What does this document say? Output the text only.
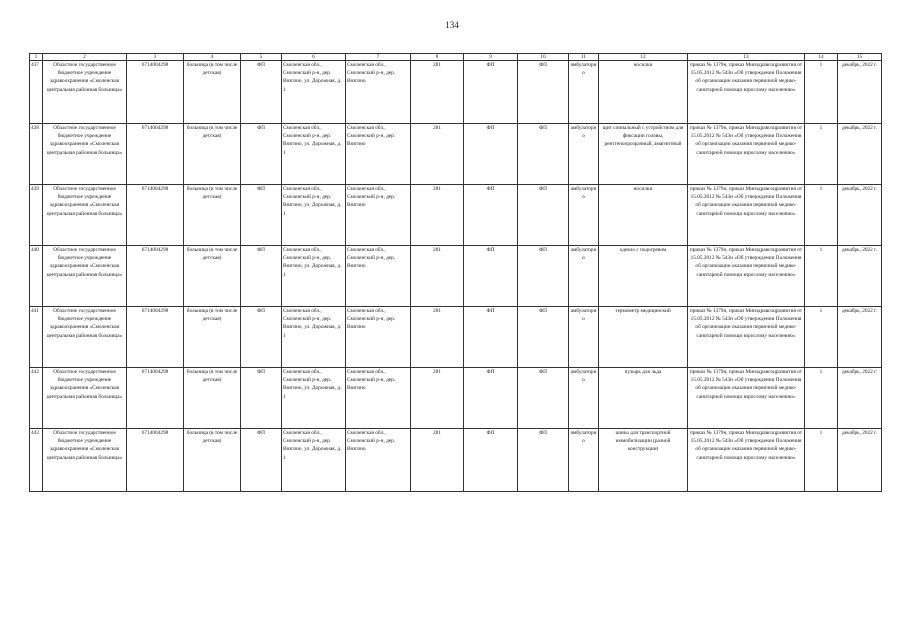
134
1	2	3	4	5	6	7	8	9	10	11	12	13	14	15
437	Областное государственное бюджетное учреждение здравоохранения «Смоленская центральная районная больница»	6714004298	больница (в том числе детская)	ФП	Смоленская обл., Смоленский р-н, дер. Вязгино, ул. Дорожная, д. 1	Смоленская обл., Смоленский р-н, дер. Вязгино	281	ФП	ФП	амбулаторно	носилки	приказ № 1379н, приказ Минздравсоцразвития от 15.05.2012 № 543н «Об утверждении Положения об организации оказания первичной медико-санитарной помощи взрослому населению»	1	декабрь, 2022 г.
438	Областное государственное бюджетное учреждение здравоохранения «Смоленская центральная районная больница»	6714004298	больница (в том числе детская)	ФП	Смоленская обл., Смоленский р-н, дер. Вязгино, ул. Дорожная, д. 1	Смоленская обл., Смоленский р-н, дер. Вязгино	281	ФП	ФП	амбулаторно	щит спинальный с устройством для фиксации головы, рентгенопрозрачный, амагнитный	приказ № 1379н, приказ Минздравсоцразвития от 15.05.2012 № 543н «Об утверждении Положения об организации оказания первичной медико-санитарной помощи взрослому населению»	1	декабрь, 2022 г.
439	Областное государственное бюджетное учреждение здравоохранения «Смоленская центральная районная больница»	6714004298	больница (в том числе детская)	ФП	Смоленская обл., Смоленский р-н, дер. Вязгино, ул. Дорожная, д. 1	Смоленская обл., Смоленский р-н, дер. Вязгино	281	ФП	ФП	амбулаторно	носилки	приказ № 1379н, приказ Минздравсоцразвития от 15.05.2012 № 543н «Об утверждении Положения об организации оказания первичной медико-санитарной помощи взрослому населению»	1	декабрь, 2022 г.
440	Областное государственное бюджетное учреждение здравоохранения «Смоленская центральная районная больница»	6714004298	больница (в том числе детская)	ФП	Смоленская обл., Смоленский р-н, дер. Вязгино, ул. Дорожная, д. 1	Смоленская обл., Смоленский р-н, дер. Вязгино	281	ФП	ФП	амбулаторно	одеяло с подогревом	приказ № 1379н, приказ Минздравсоцразвития от 15.05.2012 № 543н «Об утверждении Положения об организации оказания первичной медико-санитарной помощи взрослому населению»	1	декабрь, 2022 г.
441	Областное государственное бюджетное учреждение здравоохранения «Смоленская центральная районная больница»	6714004298	больница (в том числе детская)	ФП	Смоленская обл., Смоленский р-н, дер. Вязгино, ул. Дорожная, д. 1	Смоленская обл., Смоленский р-н, дер. Вязгино	281	ФП	ФП	амбулаторно	термометр медицинский	приказ № 1379н, приказ Минздравсоцразвития от 15.05.2012 № 543н «Об утверждении Положения об организации оказания первичной медико-санитарной помощи взрослому населению»	1	декабрь, 2022 г.
442	Областное государственное бюджетное учреждение здравоохранения «Смоленская центральная районная больница»	6714004298	больница (в том числе детская)	ФП	Смоленская обл., Смоленский р-н, дер. Вязгино, ул. Дорожная, д. 1	Смоленская обл., Смоленский р-н, дер. Вязгино	281	ФП	ФП	амбулаторно	пузырь для льда	приказ № 1379н, приказ Минздравсоцразвития от 15.05.2012 № 543н «Об утверждении Положения об организации оказания первичной медико-санитарной помощи взрослому населению»	1	декабрь, 2022 г.
443	Областное государственное бюджетное учреждение здравоохранения «Смоленская центральная районная больница»	6714004298	больница (в том числе детская)	ФП	Смоленская обл., Смоленский р-н, дер. Вязгино, ул. Дорожная, д. 1	Смоленская обл., Смоленский р-н, дер. Вязгино	281	ФП	ФП	амбулаторно	шины для транспортной иммобилизации (разной конструкции)	приказ № 1379н, приказ Минздравсоцразвития от 15.05.2012 № 543н «Об утверждении Положения об организации оказания первичной медико-санитарной помощи взрослому населению»	1	декабрь, 2022 г.
